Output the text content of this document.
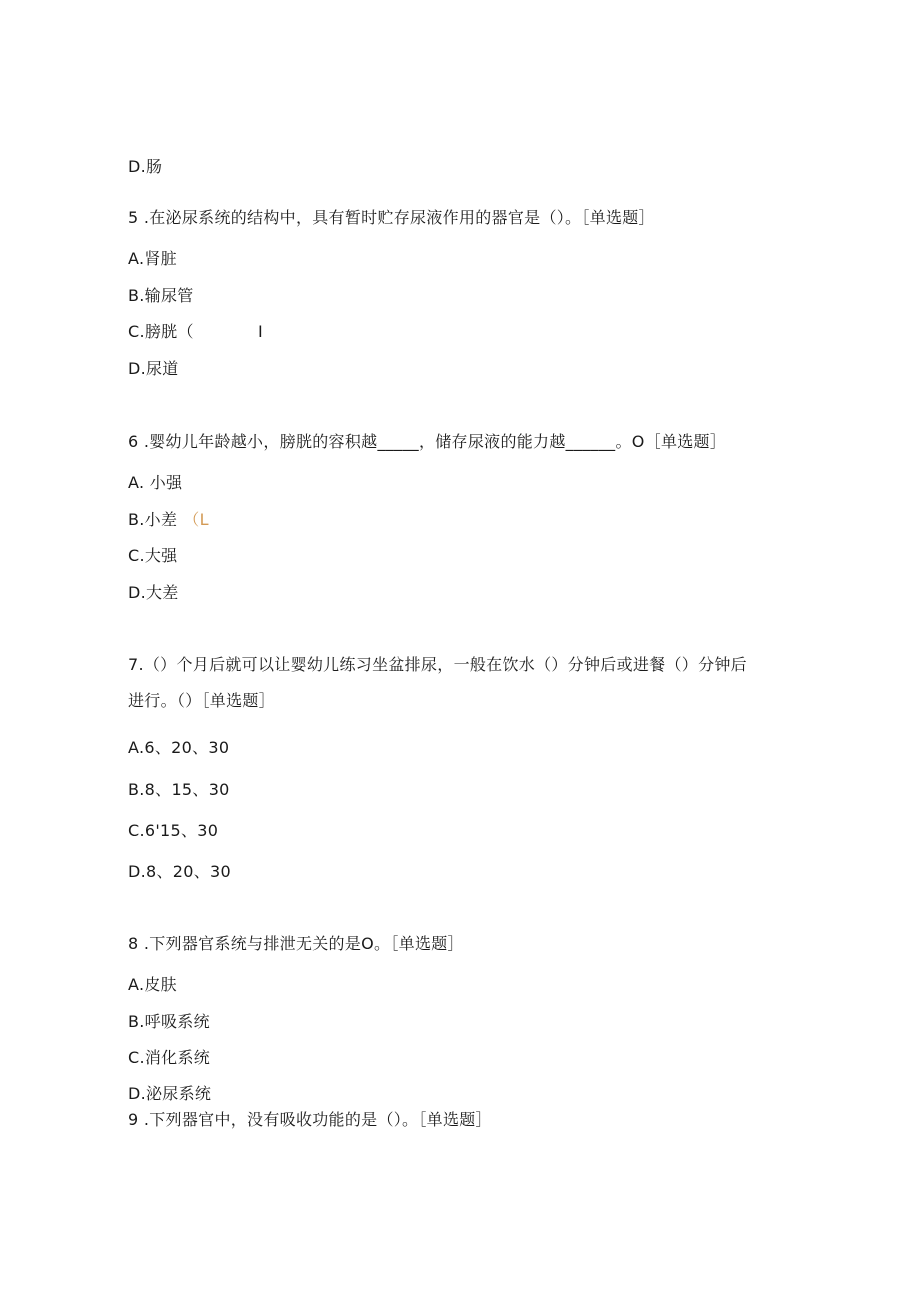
D.肠
5 .在泌尿系统的结构中，具有暂时贮存尿液作用的器官是（）。［单选题］
A.肾脏
B.输尿管
C.膀胱（	I
D.尿道
6 .婴幼儿年龄越小，膀胱的容积越_____，储存尿液的能力越______。O［单选题］
A. 小强
B.小差 （L
C.大强
D.大差
7.（）个月后就可以让婴幼儿练习坐盆排尿，一般在饮水（）分钟后或进餐（）分钟后
进行。（）［单选题］
A.6、20、30
B.8、15、30
C.6'15、30
D.8、20、30
8 .下列器官系统与排泄无关的是O。［单选题］
A.皮肤
B.呼吸系统
C.消化系统
D.泌尿系统
9 .下列器官中，没有吸收功能的是（）。［单选题］
